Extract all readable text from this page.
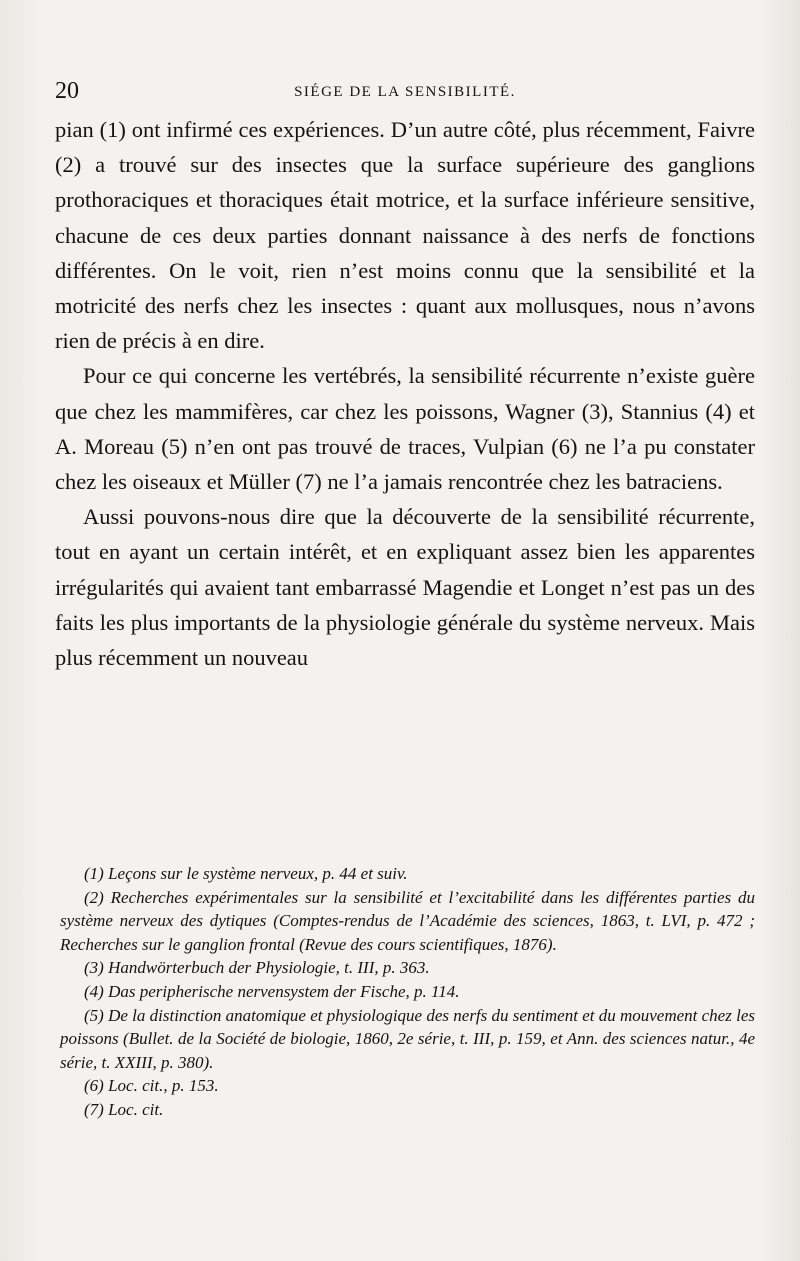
20	SIÉGE DE LA SENSIBILITÉ.

pian (1) ont infirmé ces expériences. D’un autre côté, plus récemment, Faivre (2) a trouvé sur des insectes que la surface supérieure des ganglions prothoraciques et thoraciques était motrice, et la surface inférieure sensitive, chacune de ces deux parties donnant naissance à des nerfs de fonctions différentes. On le voit, rien n’est moins connu que la sensibilité et la motricité des nerfs chez les insectes : quant aux mollusques, nous n’avons rien de précis à en dire.

Pour ce qui concerne les vertébrés, la sensibilité récurrente n’existe guère que chez les mammifères, car chez les poissons, Wagner (3), Stannius (4) et A. Moreau (5) n’en ont pas trouvé de traces, Vulpian (6) ne l’a pu constater chez les oiseaux et Müller (7) ne l’a jamais rencontrée chez les batraciens.

Aussi pouvons-nous dire que la découverte de la sensibilité récurrente, tout en ayant un certain intérêt, et en expliquant assez bien les apparentes irrégularités qui avaient tant embarrassé Magendie et Longet n’est pas un des faits les plus importants de la physiologie générale du système nerveux. Mais plus récemment un nouveau

(1) Leçons sur le système nerveux, p. 44 et suiv.

(2) Recherches expérimentales sur la sensibilité et l’excitabilité dans les différentes parties du système nerveux des dytiques (Comptes-rendus de l’Académie des sciences, 1863, t. LVI, p. 472 ; Recherches sur le ganglion frontal (Revue des cours scientifiques, 1876).

(3) Handwörterbuch der Physiologie, t. III, p. 363.

(4) Das peripherische nervensystem der Fische, p. 114.

(5) De la distinction anatomique et physiologique des nerfs du sentiment et du mouvement chez les poissons (Bullet. de la Société de biologie, 1860, 2e série, t. III, p. 159, et Ann. des sciences natur., 4e série, t. XXIII, p. 380).

(6) Loc. cit., p. 153.

(7) Loc. cit.
